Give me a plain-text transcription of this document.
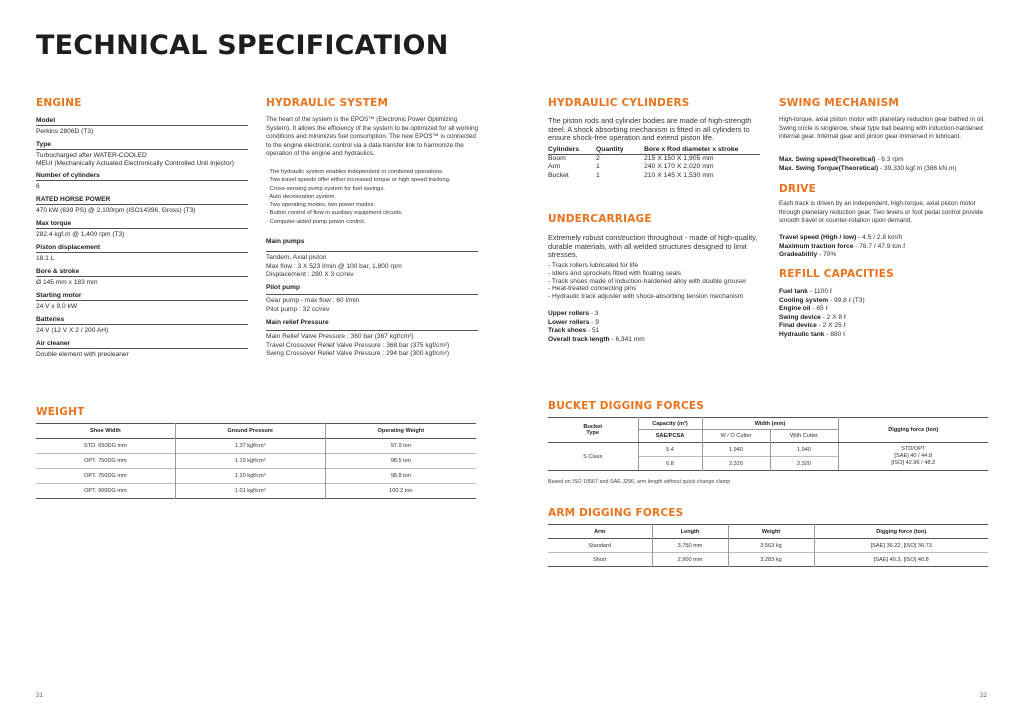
TECHNICAL SPECIFICATION
ENGINE
Model
Perkins 2806D (T3)
Type
Turbocharged after WATER-COOLED
MEUI (Mechanically Actuated Electronically Controlled Unit Injector)
Number of cylinders
6
RATED HORSE POWER
470 kW (639 PS) @ 2,100rpm (ISO14396, Gross) (T3)
Max torque
282.4 kgf.m @ 1,400 rpm (T3)
Piston displacement
18.1 L
Bore & stroke
Ø 145 mm x 183 mm
Starting motor
24 V x 9.0 kW
Batteries
24 V (12 V X 2 / 200 AH)
Air cleaner
Double element with precleaner
HYDRAULIC SYSTEM
The heart of the system is the EPOS™ (Electronic Power Optimizing System). It allows the efficiency of the system to be optimized for all working conditions and minimizes fuel consumption. The new EPOS™ is connected to the engine electronic control via a data transfer link to harmonize the operation of the engine and hydraulics.
· The hydraulic system enables independent or combined operations.
· Two travel speeds offer either increased torque or high speed tracking.
· Cross-sensing pump system for fuel savings.
· Auto deceleration system.
· Two operating modes, two power modes.
· Button control of flow in auxiliary equipment circuits.
· Computer-aided pump power control.
Main pumps
Tandem, Axial piston
Max flow : 3 X 523 l/min @ 100 bar, 1,800 rpm
Displacement : 280 X 3 cc/rev
Pilot pump
Gear pump - max flow : 60 l/min
Pilot pump : 32 cc/rev
Main relief Pressure
Main Relief Valve Pressure : 360 bar (367 kgf/cm²)
Travel Crossover Relief Valve Pressure : 368 bar (375 kgf/cm²)
Swing Crossover Relief Valve Pressure : 294 bar (300 kgf/cm²)
HYDRAULIC CYLINDERS
The piston rods and cylinder bodies are made of high-strength steel. A shock absorbing mechanism is fitted in all cylinders to ensure shock-free operation and extend piston life.
Cylinders	Quantity	Bore x Rod diameter x stroke
Boom	2	215 X 150 X 1,905 mm
Arm	1	240 X 170 X 2,020 mm
Bucket	1	210 X 145 X 1,530 mm
UNDERCARRIAGE
Extremely robust construction throughout - made of high-quality, durable materials, with all welded structures designed to limit stresses.
- Track rollers lubricated for life
- Idlers and sprockets fitted with floating seals
- Track shoes made of induction-hardened alloy with double grouser
- Heat-treated connecting pins
- Hydraulic track adjuster with shock-absorbing tension mechanism
Upper rollers - 3
Lower rollers - 9
Track shoes - 51
Overall track length - 6,341 mm
SWING MECHANISM
High-torque, axial piston motor with planetary reduction gear bathed in oil. Swing circle is singlerow, shear type ball bearing with induction-hardened internal gear. Internal gear and pinion gear immersed in lubricant.
Max. Swing speed(Theoretical) - 6.3 rpm
Max. Swing Torque(Theoretical) - 39,330 kgf.m (386 kN.m)
DRIVE
Each track is driven by an independent, high-torque, axial piston motor through planetary reduction gear. Two levers or foot pedal control provide smooth travel or counter-rotation upon demand.
Travel speed (High / low) - 4.5 / 2.8 km/h
Maximum traction force - 78.7 / 47.9 ton.f
Gradeability - 70%
REFILL CAPACITIES
Fuel tank - 1100 ℓ
Cooling system - 99.8 ℓ (T3)
Engine oil - 65 ℓ
Swing device - 2 X 8 ℓ
Final device - 2 X 25 ℓ
Hydraulic tank - 880 ℓ
WEIGHT
Shoe Width	Ground Pressure	Operating Weight
STD. 650DG mm	1.37 kgf/cm²	97.9 ton
OPT. 750DG mm	1.19 kgf/cm²	98.5 ton
OPT. 750DG mm	1.20 kgf/cm²	98.8 ton
OPT. 900DG mm	1.01 kgf/cm²	100.2 ton
BUCKET DIGGING FORCES
Bucket
Type	Capacity (m³)	Width (mm)		Digging force (ton)
	SAE/PCSA	W / O Cutter	With Cutter	
S Class	5.4	1,940	1,940	STD/OPT
[SAE] 40 / 44.8
[ISO] 42.96 / 48.2
	6.8	2,320	2,320	
Based on ISO 10567 and SAE J296, arm length without quick change clamp
ARM DIGGING FORCES
Arm	Length	Weight	Digging force (ton)
Standard	3,750 mm	3,563 kg	[SAE] 36.22, [ISO] 36.73
Short	2,900 mm	3,283 kg	[SAE] 40.3, [ISO] 40.8
21	22
